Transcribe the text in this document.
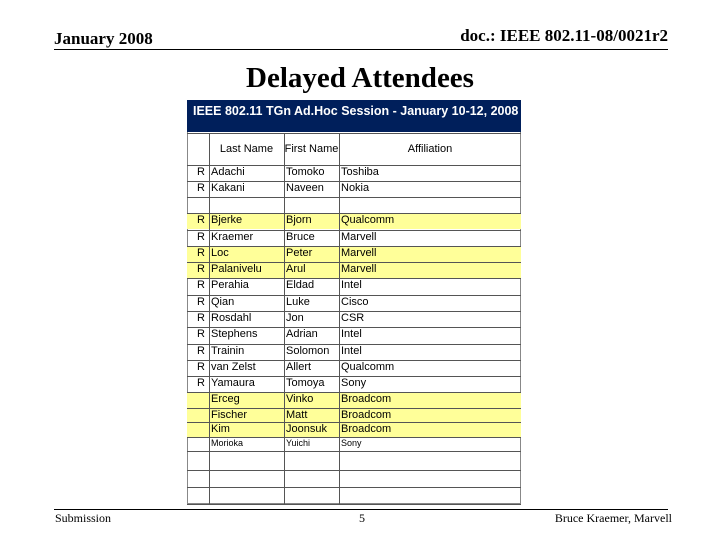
January 2008	doc.: IEEE 802.11-08/0021r2
Delayed Attendees
IEEE 802.11 TGn Ad.Hoc Session - January 10-12, 2008
Last Name	First Name	Affiliation
R Adachi	Tomoko Toshiba
R Kakani	Naveen Nokia
R Bjerke	Bjorn	Qualcomm
R Kraemer	Bruce Marvell
R Loc	Peter	Marvell
R Palanivelu Arul	Marvell
R Perahia	Eldad Intel
R Qian	Luke	Cisco
R Rosdahl	Jon	CSR
R Stephens	Adrian Intel
R Trainin	Solomon Intel
R van Zelst	Allert	Qualcomm
R Yamaura	Tomoya Sony
Erceg	Vinko	Broadcom
Fischer	Matt	Broadcom
Kim	Joonsuk Broadcom
Morioka	Yuichi	Sony
Submission	5	Bruce Kraemer, Marvell
